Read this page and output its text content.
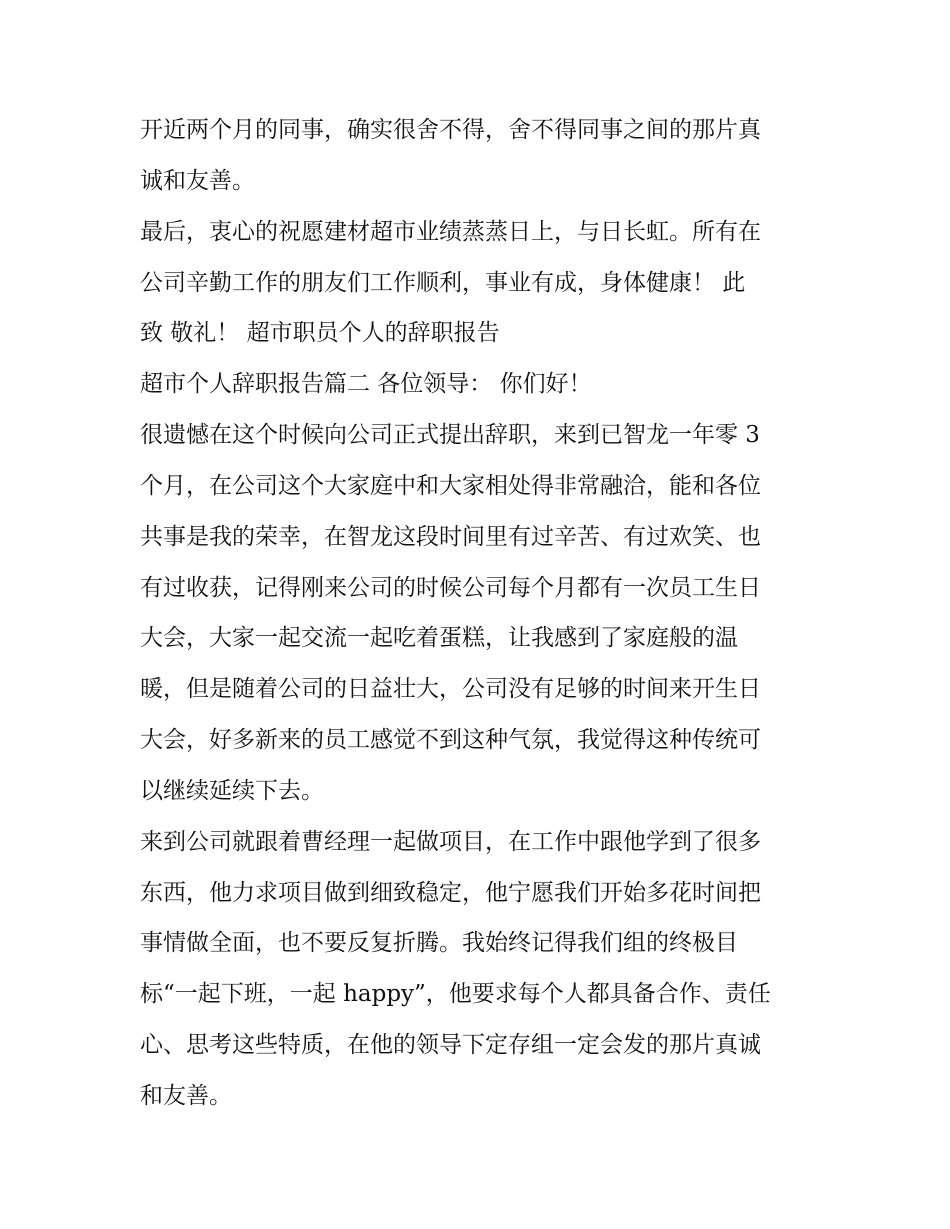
开近两个月的同事，确实很舍不得，舍不得同事之间的那片真
诚和友善。
最后，衷心的祝愿建材超市业绩蒸蒸日上，与日长虹。所有在
公司辛勤工作的朋友们工作顺利，事业有成，身体健康！ 此
致 敬礼！ 超市职员个人的辞职报告
超市个人辞职报告篇二 各位领导： 你们好！
很遗憾在这个时候向公司正式提出辞职，来到已智龙一年零 3
个月，在公司这个大家庭中和大家相处得非常融洽，能和各位
共事是我的荣幸，在智龙这段时间里有过辛苦、有过欢笑、也
有过收获，记得刚来公司的时候公司每个月都有一次员工生日
大会，大家一起交流一起吃着蛋糕，让我感到了家庭般的温
暖，但是随着公司的日益壮大，公司没有足够的时间来开生日
大会，好多新来的员工感觉不到这种气氛，我觉得这种传统可
以继续延续下去。
来到公司就跟着曹经理一起做项目，在工作中跟他学到了很多
东西，他力求项目做到细致稳定，他宁愿我们开始多花时间把
事情做全面，也不要反复折腾。我始终记得我们组的终极目
标“一起下班，一起 happy”，他要求每个人都具备合作、责任
心、思考这些特质，在他的领导下定存组一定会发的那片真诚
和友善。
